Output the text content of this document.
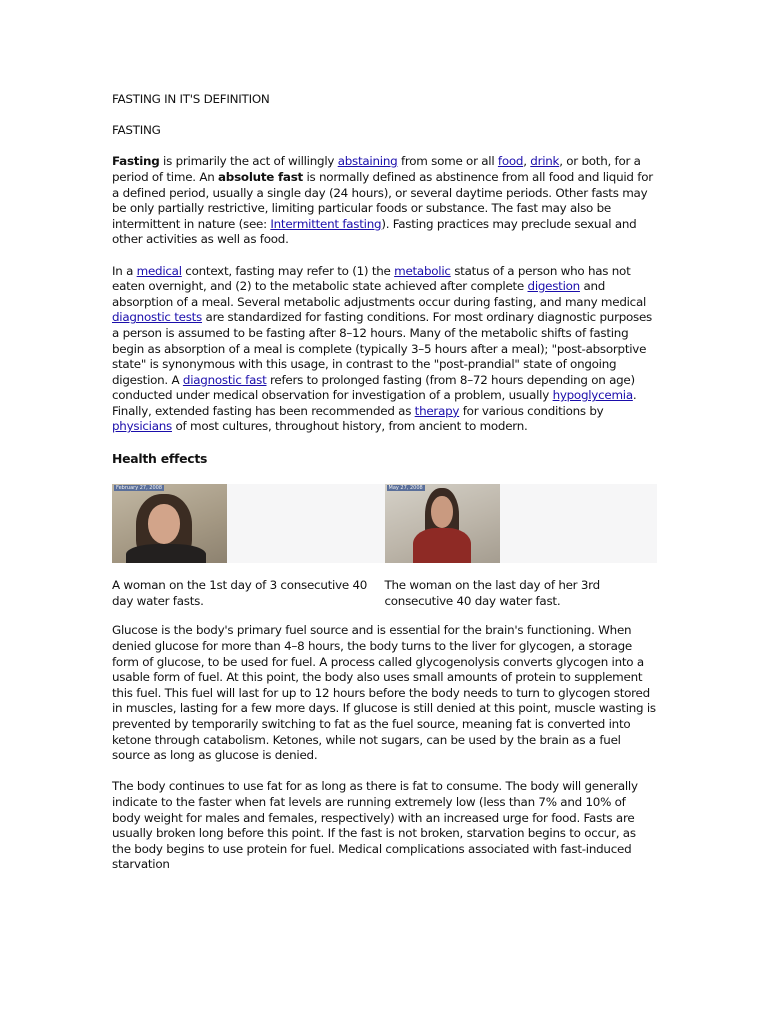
FASTING IN IT'S DEFINITION

FASTING

Fasting is primarily the act of willingly abstaining from some or all food, drink, or both, for a period of time. An absolute fast is normally defined as abstinence from all food and liquid for a defined period, usually a single day (24 hours), or several daytime periods. Other fasts may be only partially restrictive, limiting particular foods or substance. The fast may also be intermittent in nature (see: Intermittent fasting). Fasting practices may preclude sexual and other activities as well as food.

In a medical context, fasting may refer to (1) the metabolic status of a person who has not eaten overnight, and (2) to the metabolic state achieved after complete digestion and absorption of a meal. Several metabolic adjustments occur during fasting, and many medical diagnostic tests are standardized for fasting conditions. For most ordinary diagnostic purposes a person is assumed to be fasting after 8–12 hours. Many of the metabolic shifts of fasting begin as absorption of a meal is complete (typically 3–5 hours after a meal); "post-absorptive state" is synonymous with this usage, in contrast to the "post-prandial" state of ongoing digestion. A diagnostic fast refers to prolonged fasting (from 8–72 hours depending on age) conducted under medical observation for investigation of a problem, usually hypoglycemia. Finally, extended fasting has been recommended as therapy for various conditions by physicians of most cultures, throughout history, from ancient to modern.

Health effects

February 27, 2008

A woman on the 1st day of 3 consecutive 40 day water fasts.

May 27, 2008

The woman on the last day of her 3rd consecutive 40 day water fast.

Glucose is the body's primary fuel source and is essential for the brain's functioning. When denied glucose for more than 4–8 hours, the body turns to the liver for glycogen, a storage form of glucose, to be used for fuel. A process called glycogenolysis converts glycogen into a usable form of fuel. At this point, the body also uses small amounts of protein to supplement this fuel. This fuel will last for up to 12 hours before the body needs to turn to glycogen stored in muscles, lasting for a few more days. If glucose is still denied at this point, muscle wasting is prevented by temporarily switching to fat as the fuel source, meaning fat is converted into ketone through catabolism. Ketones, while not sugars, can be used by the brain as a fuel source as long as glucose is denied.

The body continues to use fat for as long as there is fat to consume. The body will generally indicate to the faster when fat levels are running extremely low (less than 7% and 10% of body weight for males and females, respectively) with an increased urge for food. Fasts are usually broken long before this point. If the fast is not broken, starvation begins to occur, as the body begins to use protein for fuel. Medical complications associated with fast-induced starvation
